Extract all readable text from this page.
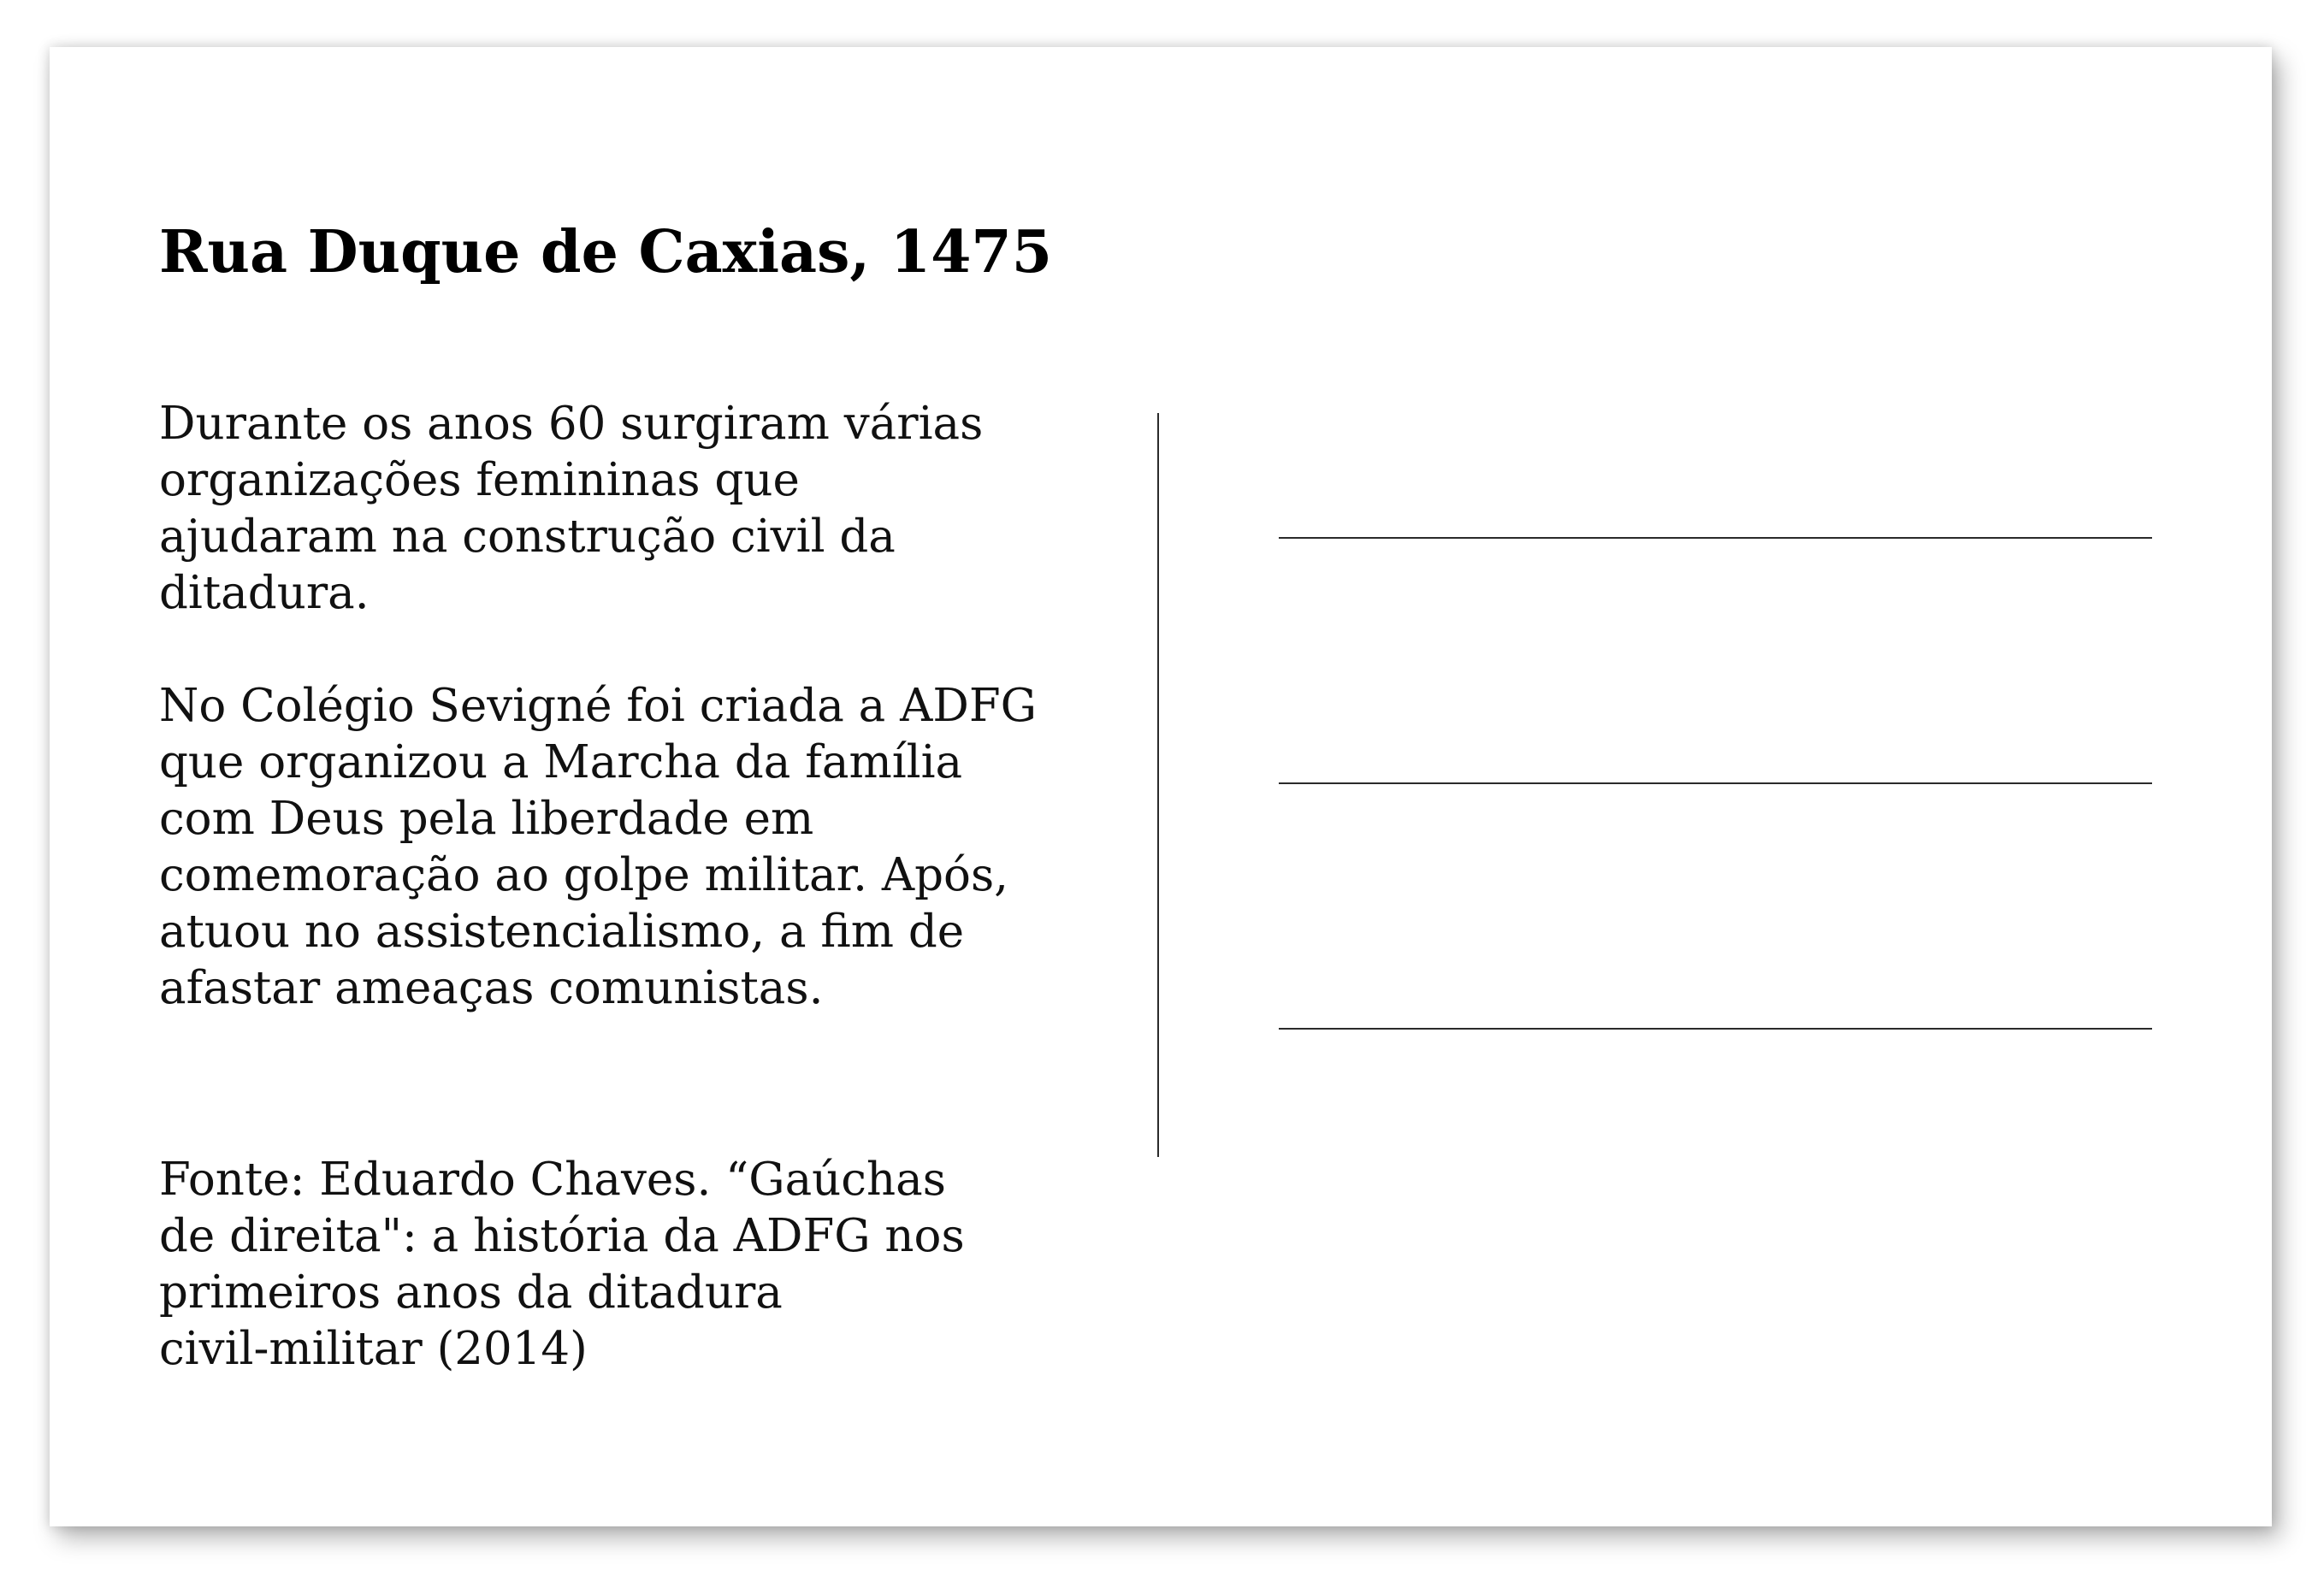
Rua Duque de Caxias, 1475

Durante os anos 60 surgiram várias
organizações femininas que
ajudaram na construção civil da
ditadura.

No Colégio Sevigné foi criada a ADFG
que organizou a Marcha da família
com Deus pela liberdade em
comemoração ao golpe militar. Após,
atuou no assistencialismo, a fim de
afastar ameaças comunistas.

Fonte: Eduardo Chaves. “Gaúchas
de direita": a história da ADFG nos
primeiros anos da ditadura
civil-militar (2014)
